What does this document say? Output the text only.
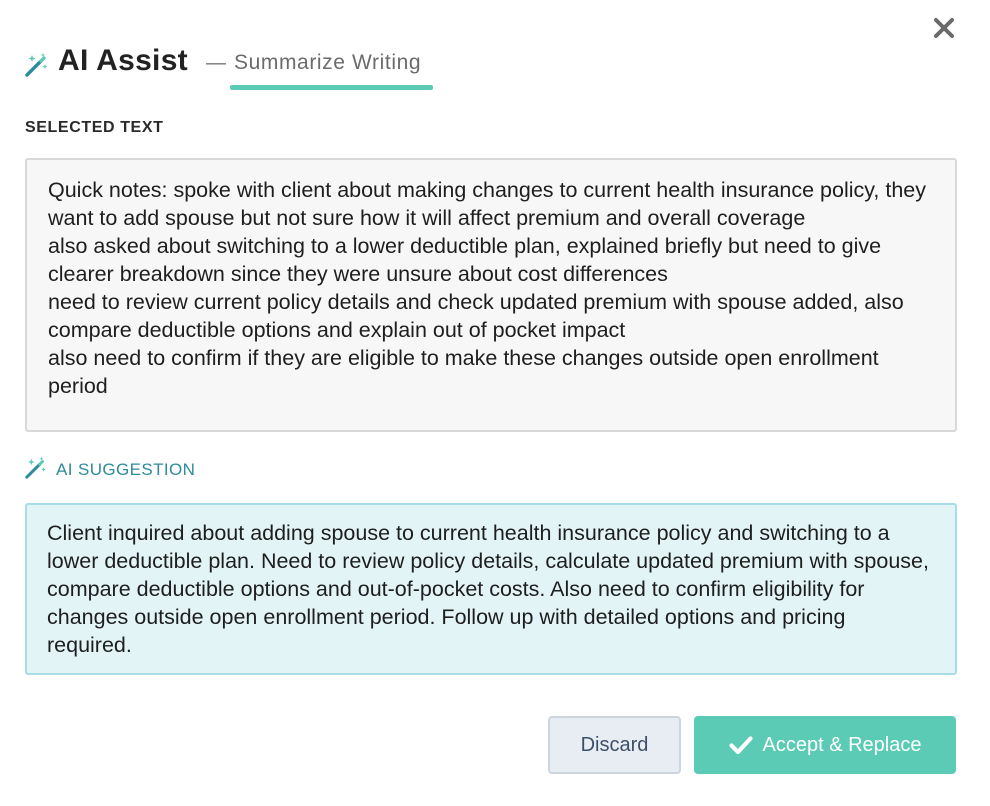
AI Assist — Summarize Writing
SELECTED TEXT
Quick notes: spoke with client about making changes to current health insurance policy, they want to add spouse but not sure how it will affect premium and overall coverage
also asked about switching to a lower deductible plan, explained briefly but need to give clearer breakdown since they were unsure about cost differences
need to review current policy details and check updated premium with spouse added, also compare deductible options and explain out of pocket impact
also need to confirm if they are eligible to make these changes outside open enrollment period
AI SUGGESTION
Client inquired about adding spouse to current health insurance policy and switching to a lower deductible plan. Need to review policy details, calculate updated premium with spouse, compare deductible options and out-of-pocket costs. Also need to confirm eligibility for changes outside open enrollment period. Follow up with detailed options and pricing required.
Discard	Accept & Replace
